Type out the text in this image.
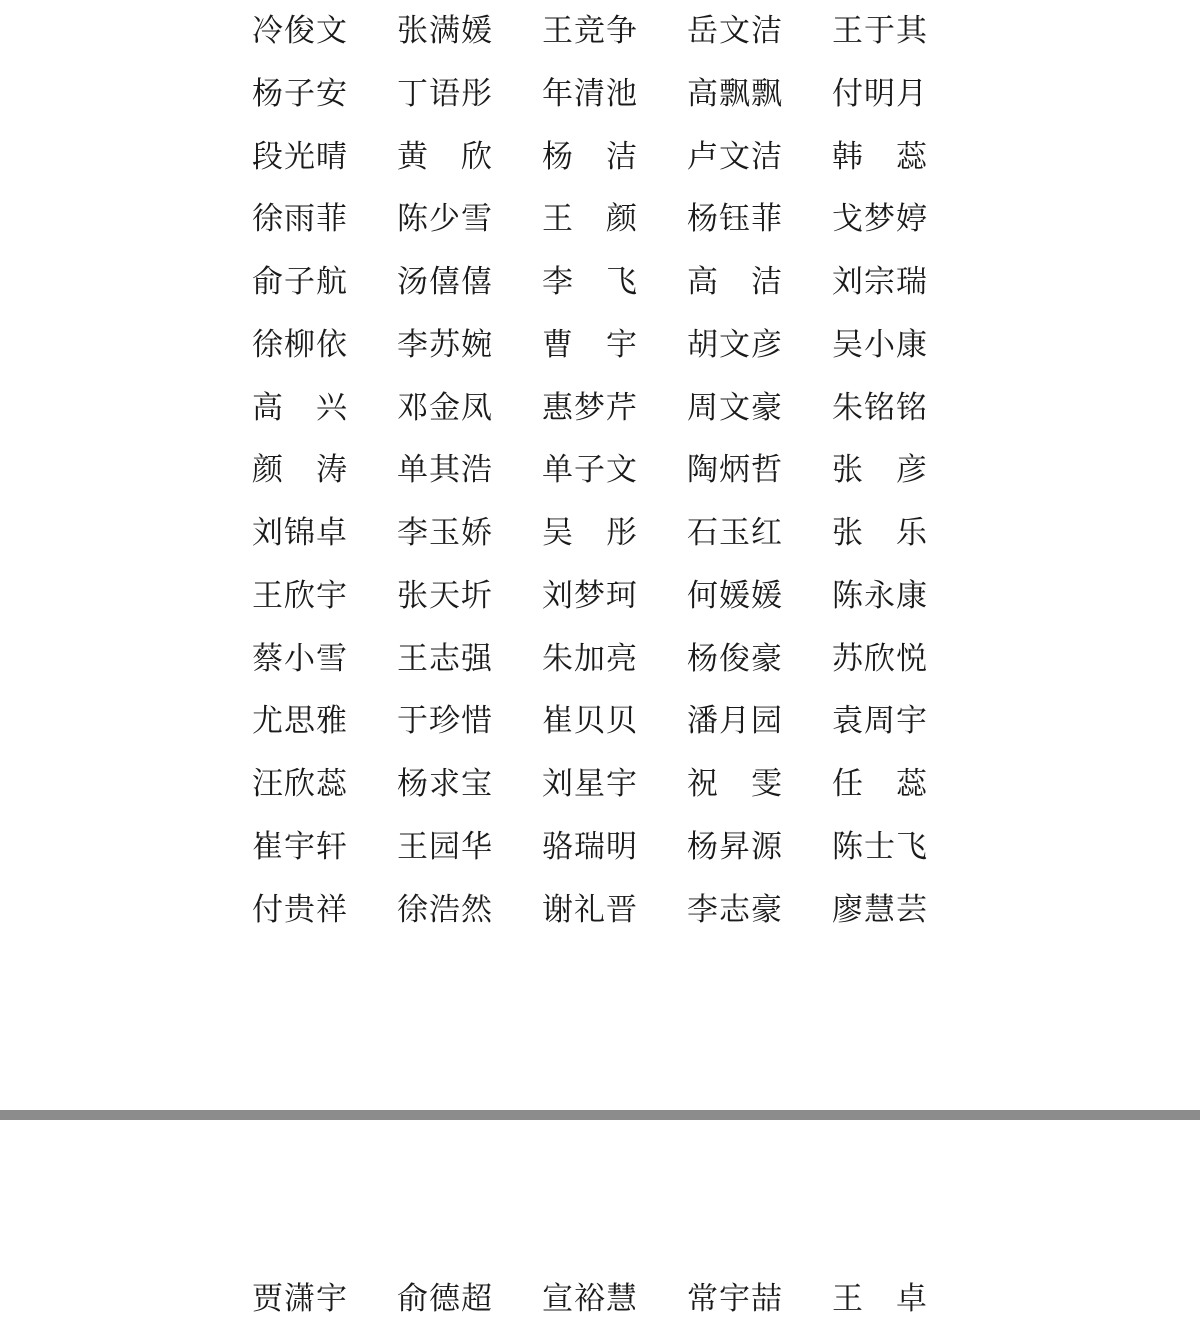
冷 俊 文 张 满 媛 王 竞 争 岳 文 洁 王 于 其
杨 子 安 丁 语 彤 年 清 池 高 飘 飘 付 明 月
段 光 晴 黄 欣 杨 洁 卢 文 洁 韩 蕊
徐 雨 菲 陈 少 雪 王 颜 杨 钰 菲 戈 梦 婷
俞 子 航 汤 僖 僖 李 飞 高 洁 刘 宗 瑞
徐 柳 依 李 苏 婉 曹 宇 胡 文 彦 吴 小 康
高 兴 邓 金 凤 惠 梦 芹 周 文 豪 朱 铭 铭
颜 涛 单 其 浩 单 子 文 陶 炳 哲 张 彦
刘 锦 卓 李 玉 娇 吴 彤 石 玉 红 张 乐
王 欣 宇 张 天 圻 刘 梦 珂 何 媛 媛 陈 永 康
蔡 小 雪 王 志 强 朱 加 亮 杨 俊 豪 苏 欣 悦
尤 思 雅 于 珍 惜 崔 贝 贝 潘 月 园 袁 周 宇
汪 欣 蕊 杨 求 宝 刘 星 宇 祝 雯 任 蕊
崔 宇 轩 王 园 华 骆 瑞 明 杨 昇 源 陈 士 飞
付 贵 祥 徐 浩 然 谢 礼 晋 李 志 豪 廖 慧 芸
贾 潇 宇 俞 德 超 宣 裕 慧 常 宇 喆 王 卓
